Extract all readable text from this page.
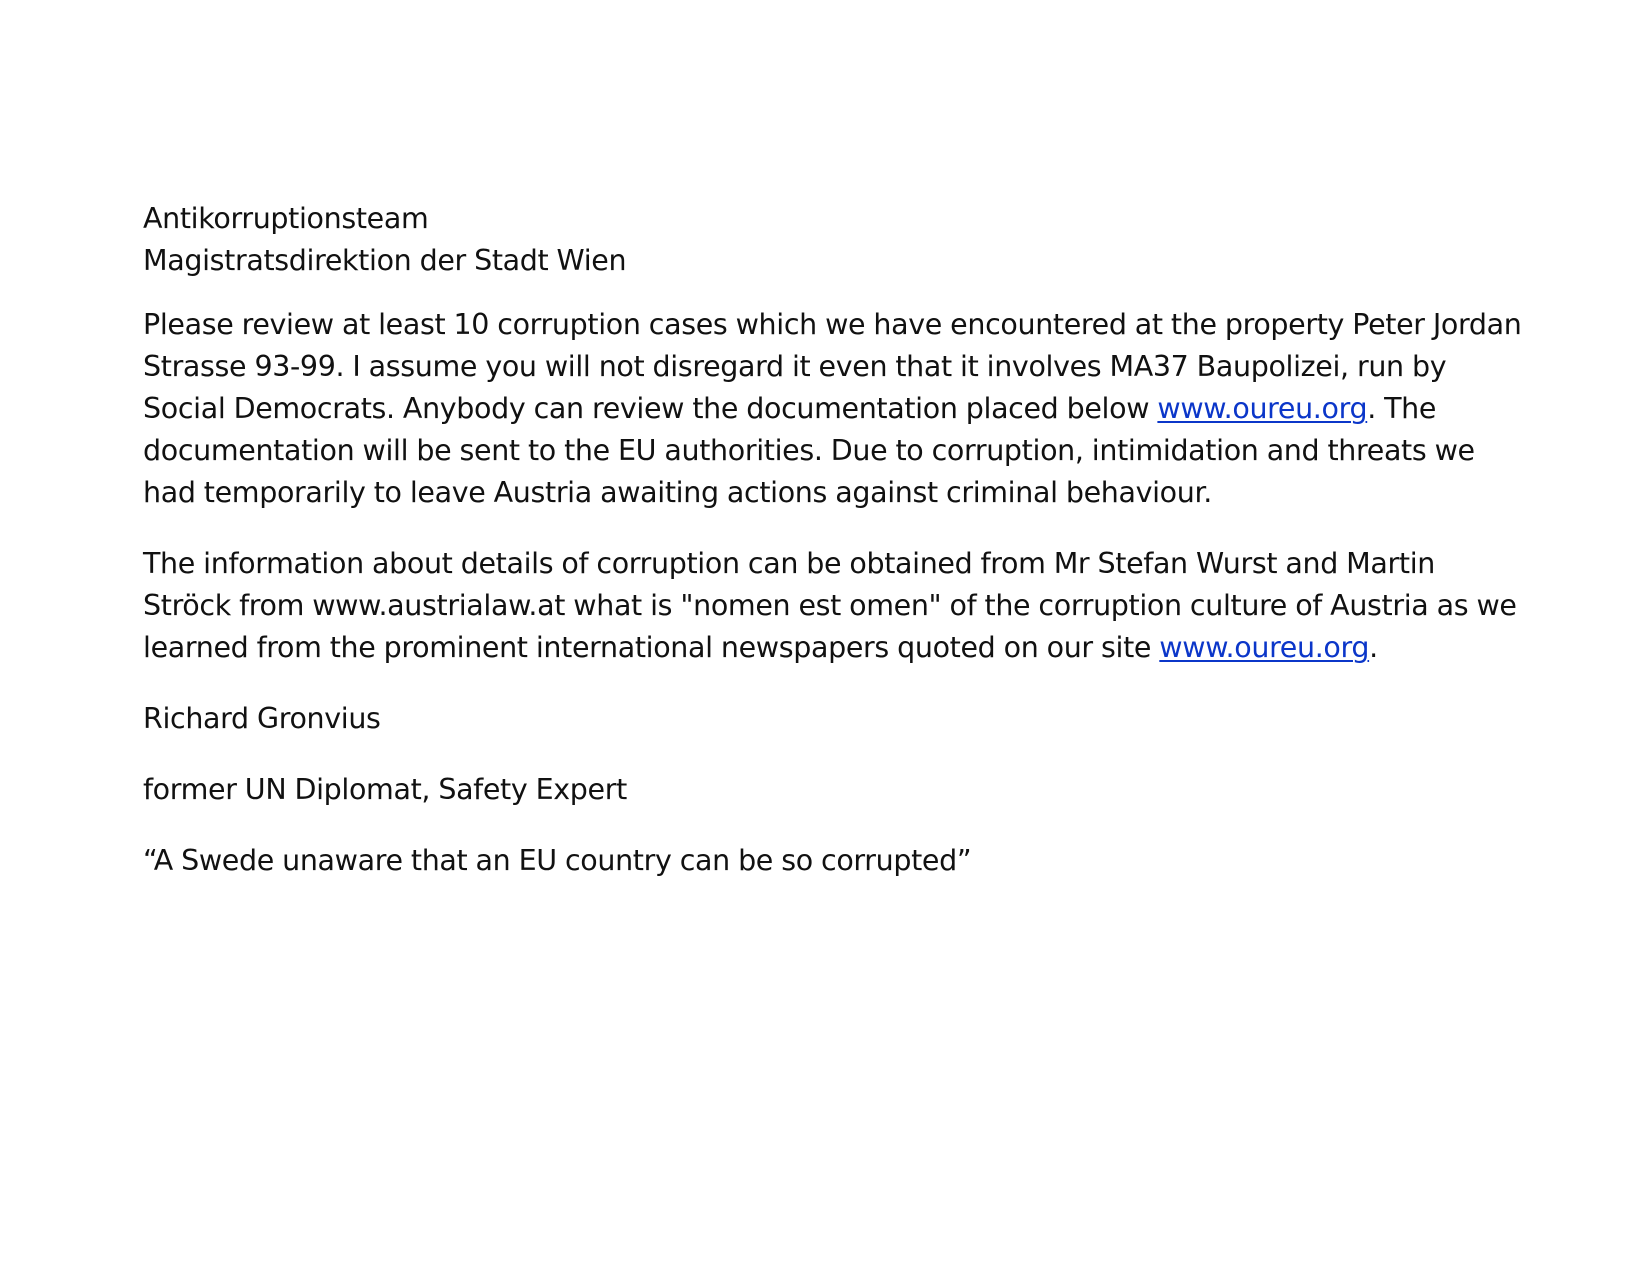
Antikorruptionsteam
Magistratsdirektion der Stadt Wien

Please review at least 10 corruption cases which we have encountered at the property Peter Jordan Strasse 93-99. I assume you will not disregard it even that it involves MA37 Baupolizei, run by Social Democrats. Anybody can review the documentation placed below www.oureu.org. The documentation will be sent to the EU authorities. Due to corruption, intimidation and threats we had temporarily to leave Austria awaiting actions against criminal behaviour.

The information about details of corruption can be obtained from Mr Stefan Wurst and Martin Ströck from www.austrialaw.at what is "nomen est omen" of the corruption culture of Austria as we learned from the prominent international newspapers quoted on our site www.oureu.org.

Richard Gronvius

former UN Diplomat, Safety Expert

“A Swede unaware that an EU country can be so corrupted”
